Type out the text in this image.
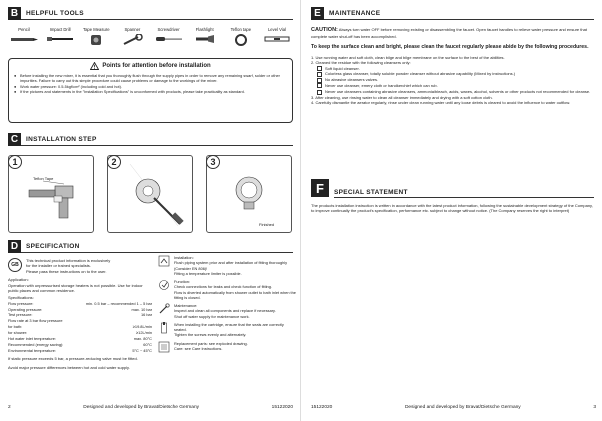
B	HELPFUL TOOLS
Pencil	Impact Drill	Tape Measure	Spanner	Screwdriver	Flashlight	Teflon tape	Level Vial
Points for attention before installation
● Before installing the new mixer, it is essential that you thoroughly flush through the supply pipes in order to remove any remaining swarf, solder or other impurities. Failure to carry out this simple procedure could cause problems or damage to the workings of the mixer.
● Work water pressure: 0.5-5kgf/cm² (including cold and hot).
● If the pictures and statements in the "Installation Specifications" is unconformed with products, please take practicality as standard.
C	INSTALLATION STEP
1
Teflon Tape
2	3
Finished
D	SPECIFICATION
GB
This technical product information is exclusively
for the installer or trained specialists.
Please pass these instructions on to the user.
Application:
Operation with unpressurised storage heaters is not possible. Use for indoor public places and common residence.
Specifications:
Flow pressure:	min. 0.5 bar – recommended 1 – 5 bar
Operating pressure:	max. 10 bar
Test pressure:	16 bar
Flow rate at 3 bar flow pressure
for bath:	≥19.8L/min
for shower:	≥12L/min
Hot water inlet temperature:	max. 80°C
Recommended (energy saving):	60°C
Environmental temperature:	5°C ~ 45°C
If static pressure exceeds 5 bar, a pressure-reducing valve must be fitted.
Avoid major pressure differences between hot and cold water supply.
Installation:
Flush piping system prior and after installation of fitting thoroughly (Consider EN 806)!
Fitting a temperature limiter is possible.
Function:
Check connections for leaks and check function of fitting.
Flow is diverted automatically from shower outlet to bath inlet when the fitting is closed.
Maintenance:
Inspect and clean all components and replace if necessary.
Shut off water supply for maintenance work.
When installing the cartridge, ensure that the seals are correctly seated.
Tighten the screws evenly and alternately.
Replacement parts: see exploded drawing.
Care: see Care Instructions.
2	Designed and developed by Bravat/Dietsche Germany	15122020
E	MAINTENANCE
CAUTION: Always turn water OFF before removing existing or disassembling the faucet. Open faucet handles to relieve water pressure and ensure that complete water shut-off has been accomplished.
To keep the surface clean and bright, please clean the faucet regularly please abide by the following procedures.
1. Use running water and soft cloth, clean bilge and bilge membrane on the surface to the best of the abilities.
2. Cleaned the residue with the following cleansers only:
Soft liquid cleanser.
Colorless glass cleanser, totally soluble powder cleanser without abrasive capability (Mixed by instructions.)
No abrasive cleansers valves.
Never use cleanser, emery cloth or handkerchief which can rub.
Never use cleansers containing abrasive cleansers, ammonia/bleach, acids, waxes, alcohol, solvents or other products not recommended for cleanse.
3. After cleaning, use rinsing water to clean all cleanser immediately and drying with a soft cotton cloth.
4. Carefully dismantle the aerator regularly, rinse under clean running water until any loose debris is cleared to avoid the influence to water outflow.
F	SPECIAL STATEMENT
The products installation instruction is written in accordance with the latest product information, following the sustainable development strategy of the Company, to improve continually the product's specification, performance etc. subject to change without notice. (The Company reserves the right to interpret)
15122020	Designed and developed by Bravat/Dietsche Germany	3
